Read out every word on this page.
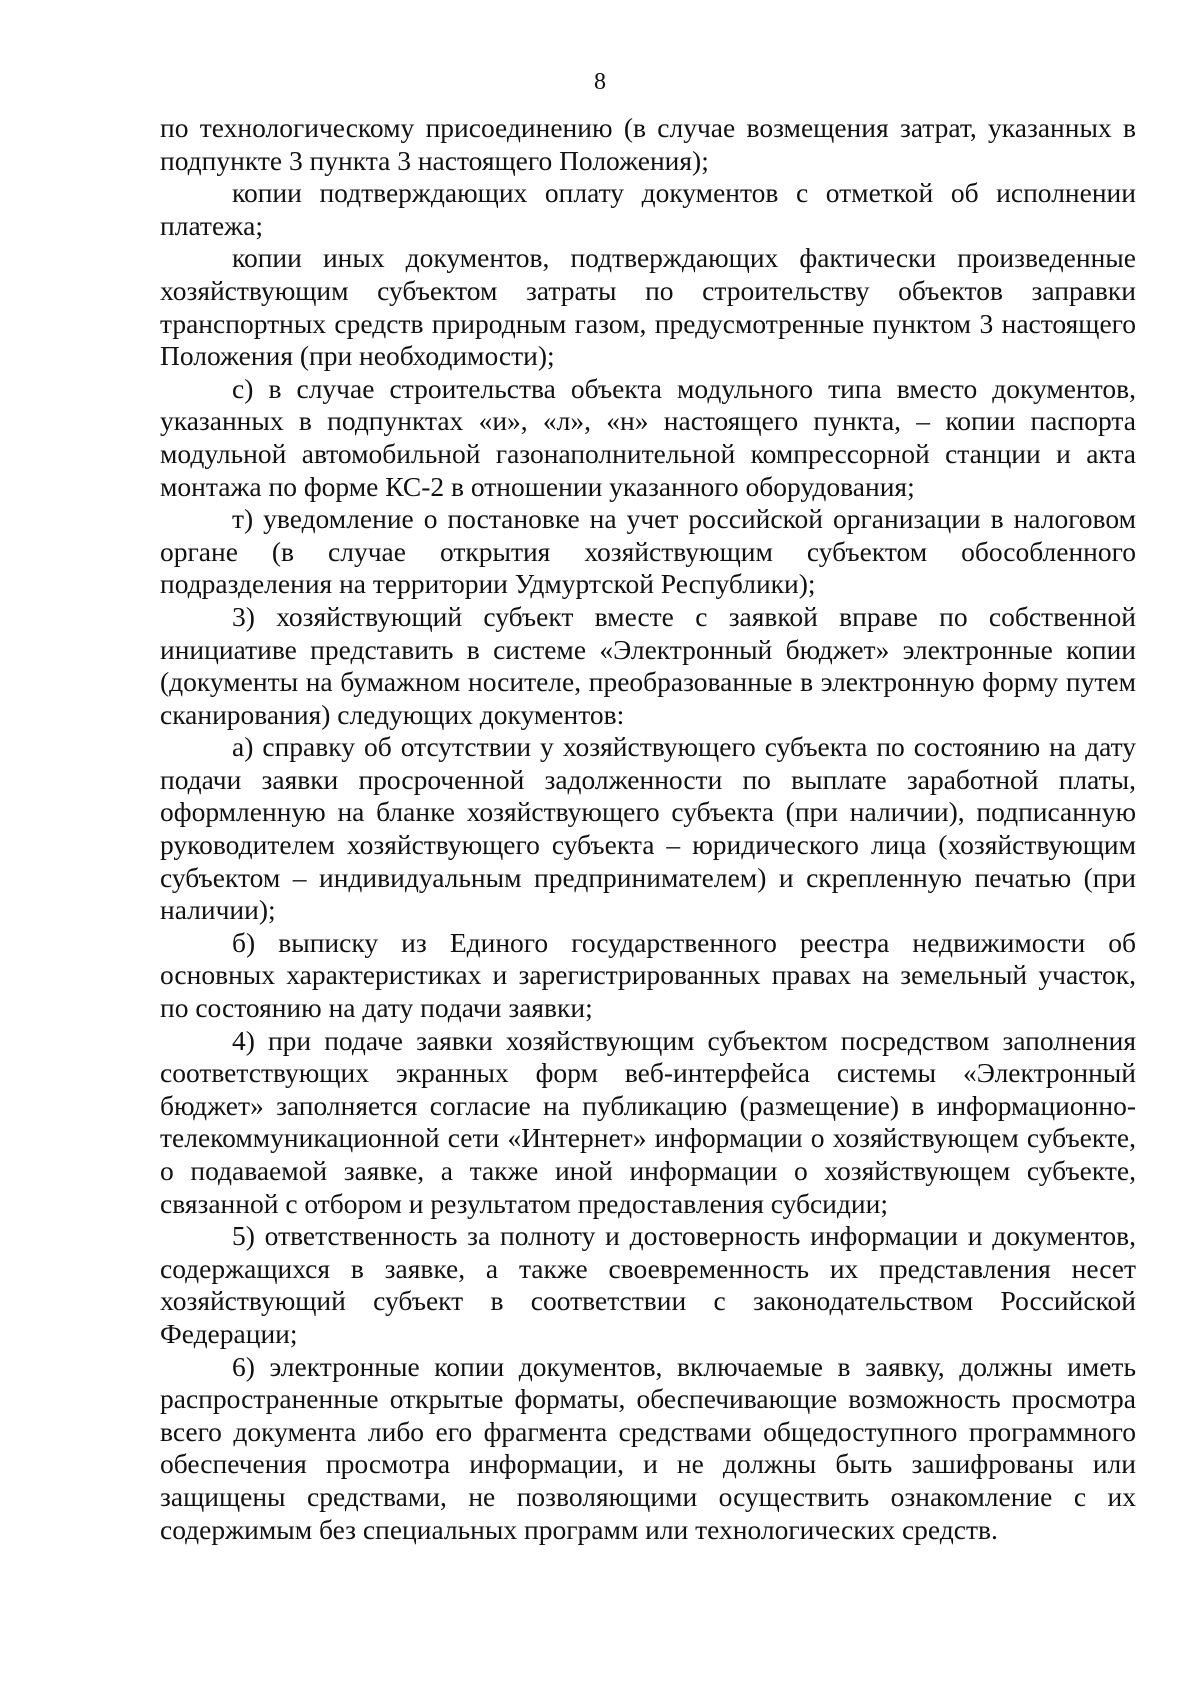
8

по технологическому присоединению (в случае возмещения затрат, указанных в подпункте 3 пункта 3 настоящего Положения);

копии подтверждающих оплату документов с отметкой об исполнении платежа;

копии иных документов, подтверждающих фактически произведенные хозяйствующим субъектом затраты по строительству объектов заправки транспортных средств природным газом, предусмотренные пунктом 3 настоящего Положения (при необходимости);

с) в случае строительства объекта модульного типа вместо документов, указанных в подпунктах «и», «л», «н» настоящего пункта, – копии паспорта модульной автомобильной газонаполнительной компрессорной станции и акта монтажа по форме КС-2 в отношении указанного оборудования;

т) уведомление о постановке на учет российской организации в налоговом органе (в случае открытия хозяйствующим субъектом обособленного подразделения на территории Удмуртской Республики);

3) хозяйствующий субъект вместе с заявкой вправе по собственной инициативе представить в системе «Электронный бюджет» электронные копии (документы на бумажном носителе, преобразованные в электронную форму путем сканирования) следующих документов:

а) справку об отсутствии у хозяйствующего субъекта по состоянию на дату подачи заявки просроченной задолженности по выплате заработной платы, оформленную на бланке хозяйствующего субъекта (при наличии), подписанную руководителем хозяйствующего субъекта – юридического лица (хозяйствующим субъектом – индивидуальным предпринимателем) и скрепленную печатью (при наличии);

б) выписку из Единого государственного реестра недвижимости об основных характеристиках и зарегистрированных правах на земельный участок, по состоянию на дату подачи заявки;

4) при подаче заявки хозяйствующим субъектом посредством заполнения соответствующих экранных форм веб-интерфейса системы «Электронный бюджет» заполняется согласие на публикацию (размещение) в информационно-телекоммуникационной сети «Интернет» информации о хозяйствующем субъекте, о подаваемой заявке, а также иной информации о хозяйствующем субъекте, связанной с отбором и результатом предоставления субсидии;

5) ответственность за полноту и достоверность информации и документов, содержащихся в заявке, а также своевременность их представления несет хозяйствующий субъект в соответствии с законодательством Российской Федерации;

6) электронные копии документов, включаемые в заявку, должны иметь распространенные открытые форматы, обеспечивающие возможность просмотра всего документа либо его фрагмента средствами общедоступного программного обеспечения просмотра информации, и не должны быть зашифрованы или защищены средствами, не позволяющими осуществить ознакомление с их содержимым без специальных программ или технологических средств.
